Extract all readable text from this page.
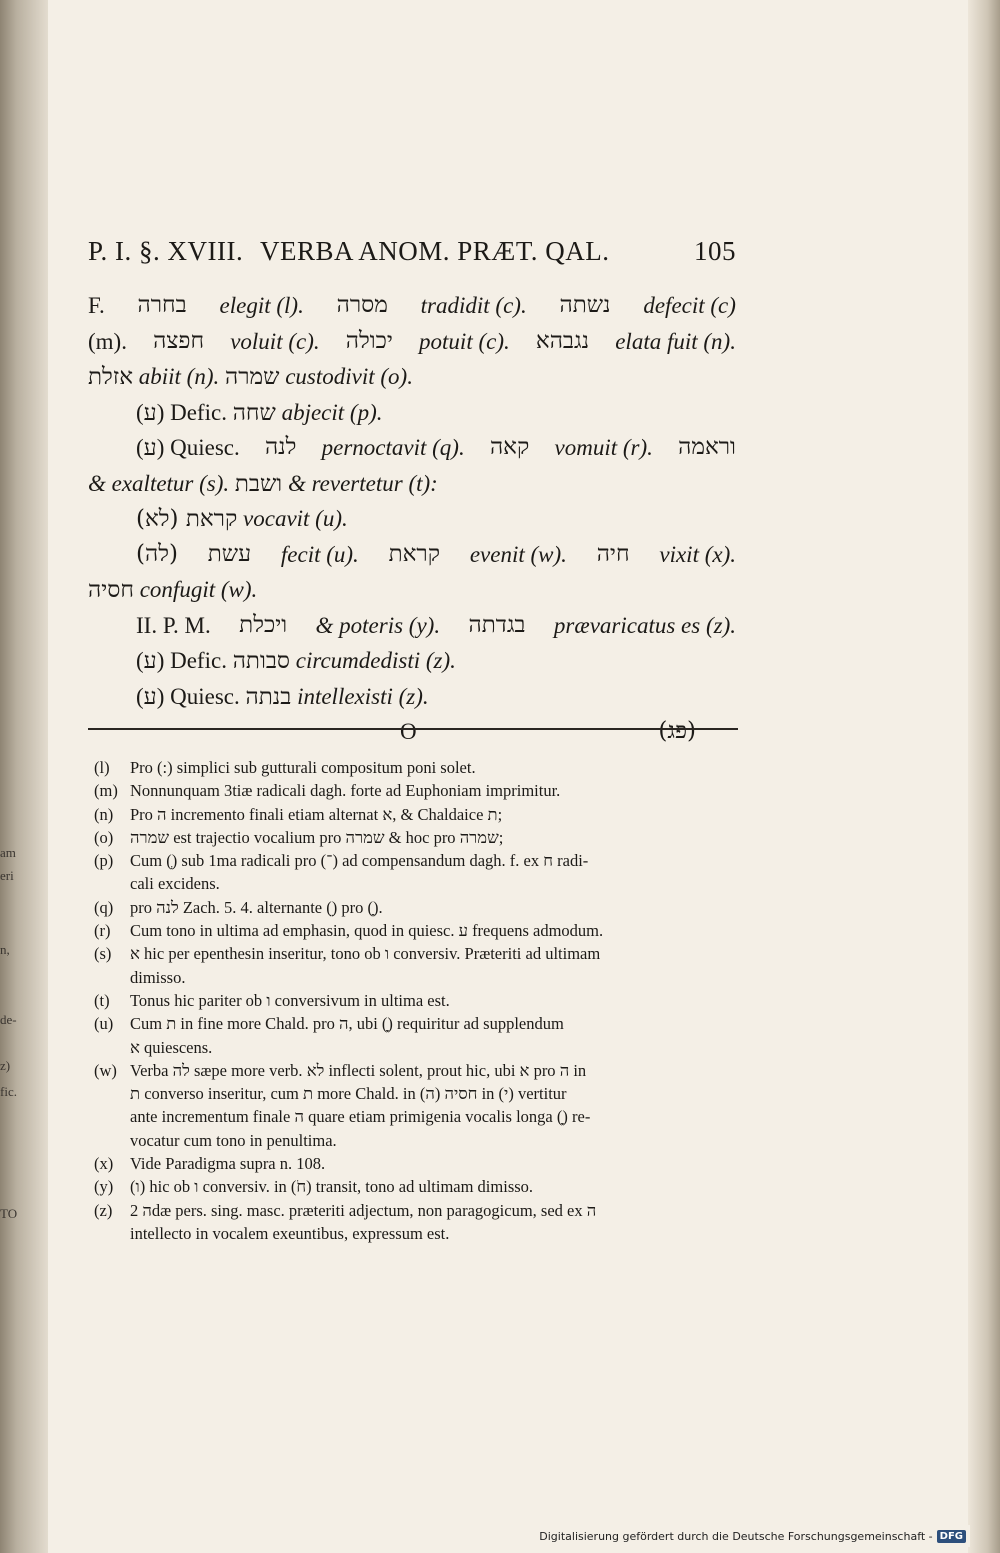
am
eri
n,
de-
z)
fic.
TO
P. I. §. XVIII. VERBA ANOM. PRÆT. QAL.	105
F. בחרה elegit (l). מסרה tradidit (c). נשתה defecit (c)
(m). חפצה voluit (c). יכולה potuit (c). נגבהא elata fuit (n).
אזלת abiit (n). שמרה custodivit (o).
(ע) Defic. שחה abjecit (p).
(ע) Quiesc. לנה pernoctavit (q). קאה vomuit (r). וראמה
& exaltetur (s). ושבת & revertetur (t):
(לא) קראת vocavit (u).
(לה) עשת fecit (u). קראת evenit (w). חיה vixit (x).
חסיה confugit (w).
II. P. M. ויכלת & poteris (y). בגדתה prævaricatus es (z).
(ע) Defic. סבותה circumdedisti (z).
(ע) Quiesc. בנתה intellexisti (z).
O	(פג)
(l)	Pro (:) simplici sub gutturali compositum poni solet.
(m) Nonnunquam 3tiæ radicali dagh. forte ad Euphoniam imprimitur.
(n)	Pro ה incremento finali etiam alternat א, & Chaldaice ת;
(o)	שמרה est trajectio vocalium pro שמרה & hoc pro שמרה;
(p)	Cum (ְ) sub 1ma radicali pro (־) ad compensandum dagh. f. ex ח radi-
cali excidens.
(q)	pro לנה Zach. 5. 4. alternante (ֵ) pro (ָ).
(r)	Cum tono in ultima ad emphasin, quod in quiesc. ע frequens admodum.
(s)	א hic per epenthesin inseritur, tono ob ו conversiv. Præteriti ad ultimam
dimisso.
(t)	Tonus hic pariter ob ו conversivum in ultima est.
(u)	Cum ת in fine more Chald. pro ה, ubi (ָ) requiritur ad supplendum
א quiescens.
(w) Verba לה sæpe more verb. לא inflecti solent, prout hic, ubi א pro ה in
ת converso inseritur, cum ת more Chald. in חסיה (ה) in (י) vertitur
ante incrementum finale ה quare etiam primigenia vocalis longa (ָ) re-
vocatur cum tono in penultima.
(x)	Vide Paradigma supra n. 108.
(y)	(ו) hic ob ו conversiv. in (חֹ) transit, tono ad ultimam dimisso.
(z)	ה 2dæ pers. sing. masc. præteriti adjectum, non paragogicum, sed ex ה
intellecto in vocalem exeuntibus, expressum est.
Digitalisierung gefördert durch die Deutsche Forschungsgemeinschaft - DFG
